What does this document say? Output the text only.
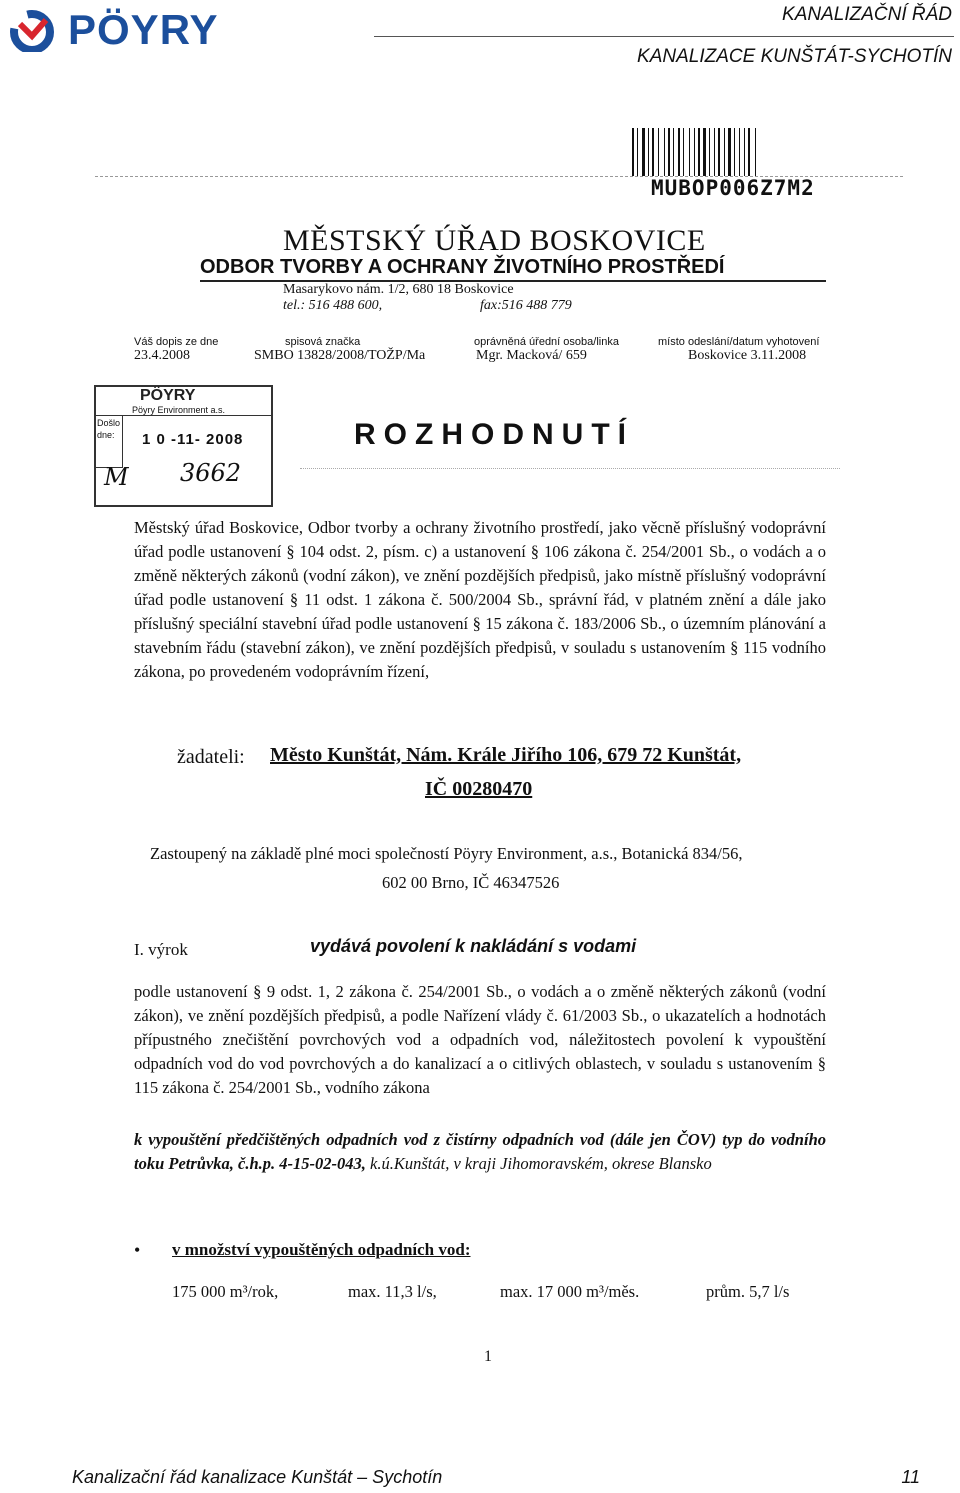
PÖYRY	KANALIZAČNÍ ŘÁD
KANALIZACE KUNŠTÁT-SYCHOTÍN
MUBOP006Z7M2
MĚSTSKÝ ÚŘAD BOSKOVICE
ODBOR TVORBY A OCHRANY ŽIVOTNÍHO PROSTŘEDÍ
Masarykovo nám. 1/2, 680 18 Boskovice
tel.: 516 488 600,	fax:516 488 779
Váš dopis ze dne
23.4.2008
spisová značka
SMBO 13828/2008/TOŽP/Ma
oprávněná úřední osoba/linka
Mgr. Macková/ 659
místo odeslání/datum vyhotovení
Boskovice 3.11.2008
PÖYRY
Pöyry Environment a.s.
Došlo dne:	1 0 -11- 2008
M 3662
ROZHODNUTÍ
Městský úřad Boskovice, Odbor tvorby a ochrany životního prostředí, jako věcně příslušný vodoprávní úřad podle ustanovení § 104 odst. 2, písm. c) a ustanovení § 106 zákona č. 254/2001 Sb., o vodách a o změně některých zákonů (vodní zákon), ve znění pozdějších předpisů, jako místně příslušný vodoprávní úřad podle ustanovení § 11 odst. 1 zákona č. 500/2004 Sb., správní řád, v platném znění a dále jako příslušný speciální stavební úřad podle ustanovení § 15 zákona č. 183/2006 Sb., o územním plánování a stavebním řádu (stavební zákon), ve znění pozdějších předpisů, v souladu s ustanovením § 115 vodního zákona, po provedeném vodoprávním řízení,
žadateli: Město Kunštát, Nám. Krále Jiřího 106, 679 72 Kunštát,
IČ 00280470
Zastoupený na základě plné moci společností Pöyry Environment, a.s., Botanická 834/56,
602 00 Brno, IČ 46347526
I. výrok	vydává povolení k nakládání s vodami
podle ustanovení § 9 odst. 1, 2 zákona č. 254/2001 Sb., o vodách a o změně některých zákonů (vodní zákon), ve znění pozdějších předpisů, a podle Nařízení vlády č. 61/2003 Sb., o ukazatelích a hodnotách přípustného znečištění povrchových vod a odpadních vod, náležitostech povolení k vypouštění odpadních vod do vod povrchových a do kanalizací a o citlivých oblastech, v souladu s ustanovením § 115 zákona č. 254/2001 Sb., vodního zákona
k vypouštění předčištěných odpadních vod z čistírny odpadních vod (dále jen ČOV) typ do vodního toku Petrůvka, č.h.p. 4-15-02-043, k.ú.Kunštát, v kraji Jihomoravském, okrese Blansko
• v množství vypouštěných odpadních vod:
175 000 m³/rok,	max. 11,3 l/s,	max. 17 000 m³/měs.	prům. 5,7 l/s
1
Kanalizační řád kanalizace Kunštát – Sychotín	11
